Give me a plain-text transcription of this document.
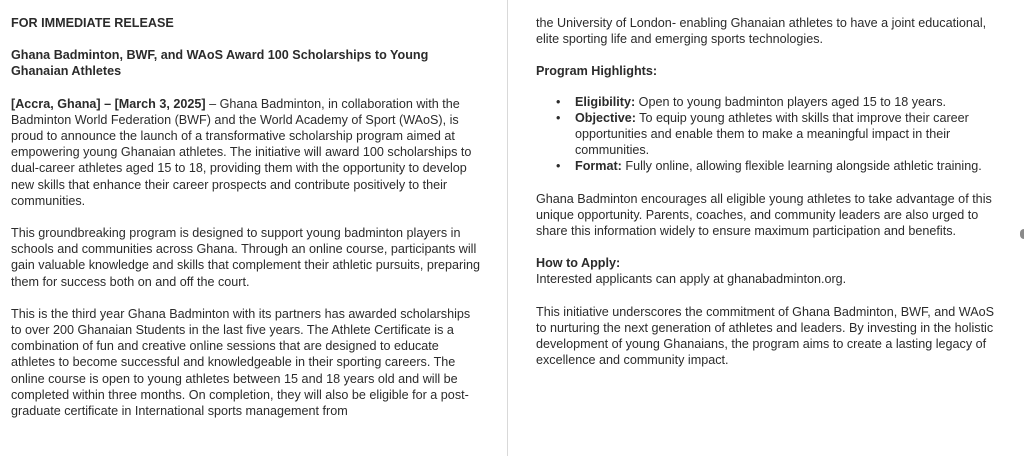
FOR IMMEDIATE RELEASE
Ghana Badminton, BWF, and WAoS Award 100 Scholarships to Young Ghanaian Athletes

[Accra, Ghana] – [March 3, 2025] – Ghana Badminton, in collaboration with the Badminton World Federation (BWF) and the World Academy of Sport (WAoS), is proud to announce the launch of a transformative scholarship program aimed at empowering young Ghanaian athletes. The initiative will award 100 scholarships to dual-career athletes aged 15 to 18, providing them with the opportunity to develop new skills that enhance their career prospects and contribute positively to their communities.

This groundbreaking program is designed to support young badminton players in schools and communities across Ghana. Through an online course, participants will gain valuable knowledge and skills that complement their athletic pursuits, preparing them for success both on and off the court.

This is the third year Ghana Badminton with its partners has awarded scholarships to over 200 Ghanaian Students in the last five years. The Athlete Certificate is a combination of fun and creative online sessions that are designed to educate athletes to become successful and knowledgeable in their sporting careers. The online course is open to young athletes between 15 and 18 years old and will be completed within three months. On completion, they will also be eligible for a post-graduate certificate in International sports management from

the University of London- enabling Ghanaian athletes to have a joint educational, elite sporting life and emerging sports technologies.

Program Highlights:
• Eligibility: Open to young badminton players aged 15 to 18 years.
• Objective: To equip young athletes with skills that improve their career opportunities and enable them to make a meaningful impact in their communities.
• Format: Fully online, allowing flexible learning alongside athletic training.

Ghana Badminton encourages all eligible young athletes to take advantage of this unique opportunity. Parents, coaches, and community leaders are also urged to share this information widely to ensure maximum participation and benefits.

How to Apply:

Interested applicants can apply at ghanabadminton.org.

This initiative underscores the commitment of Ghana Badminton, BWF, and WAoS to nurturing the next generation of athletes and leaders. By investing in the holistic development of young Ghanaians, the program aims to create a lasting legacy of excellence and community impact.
